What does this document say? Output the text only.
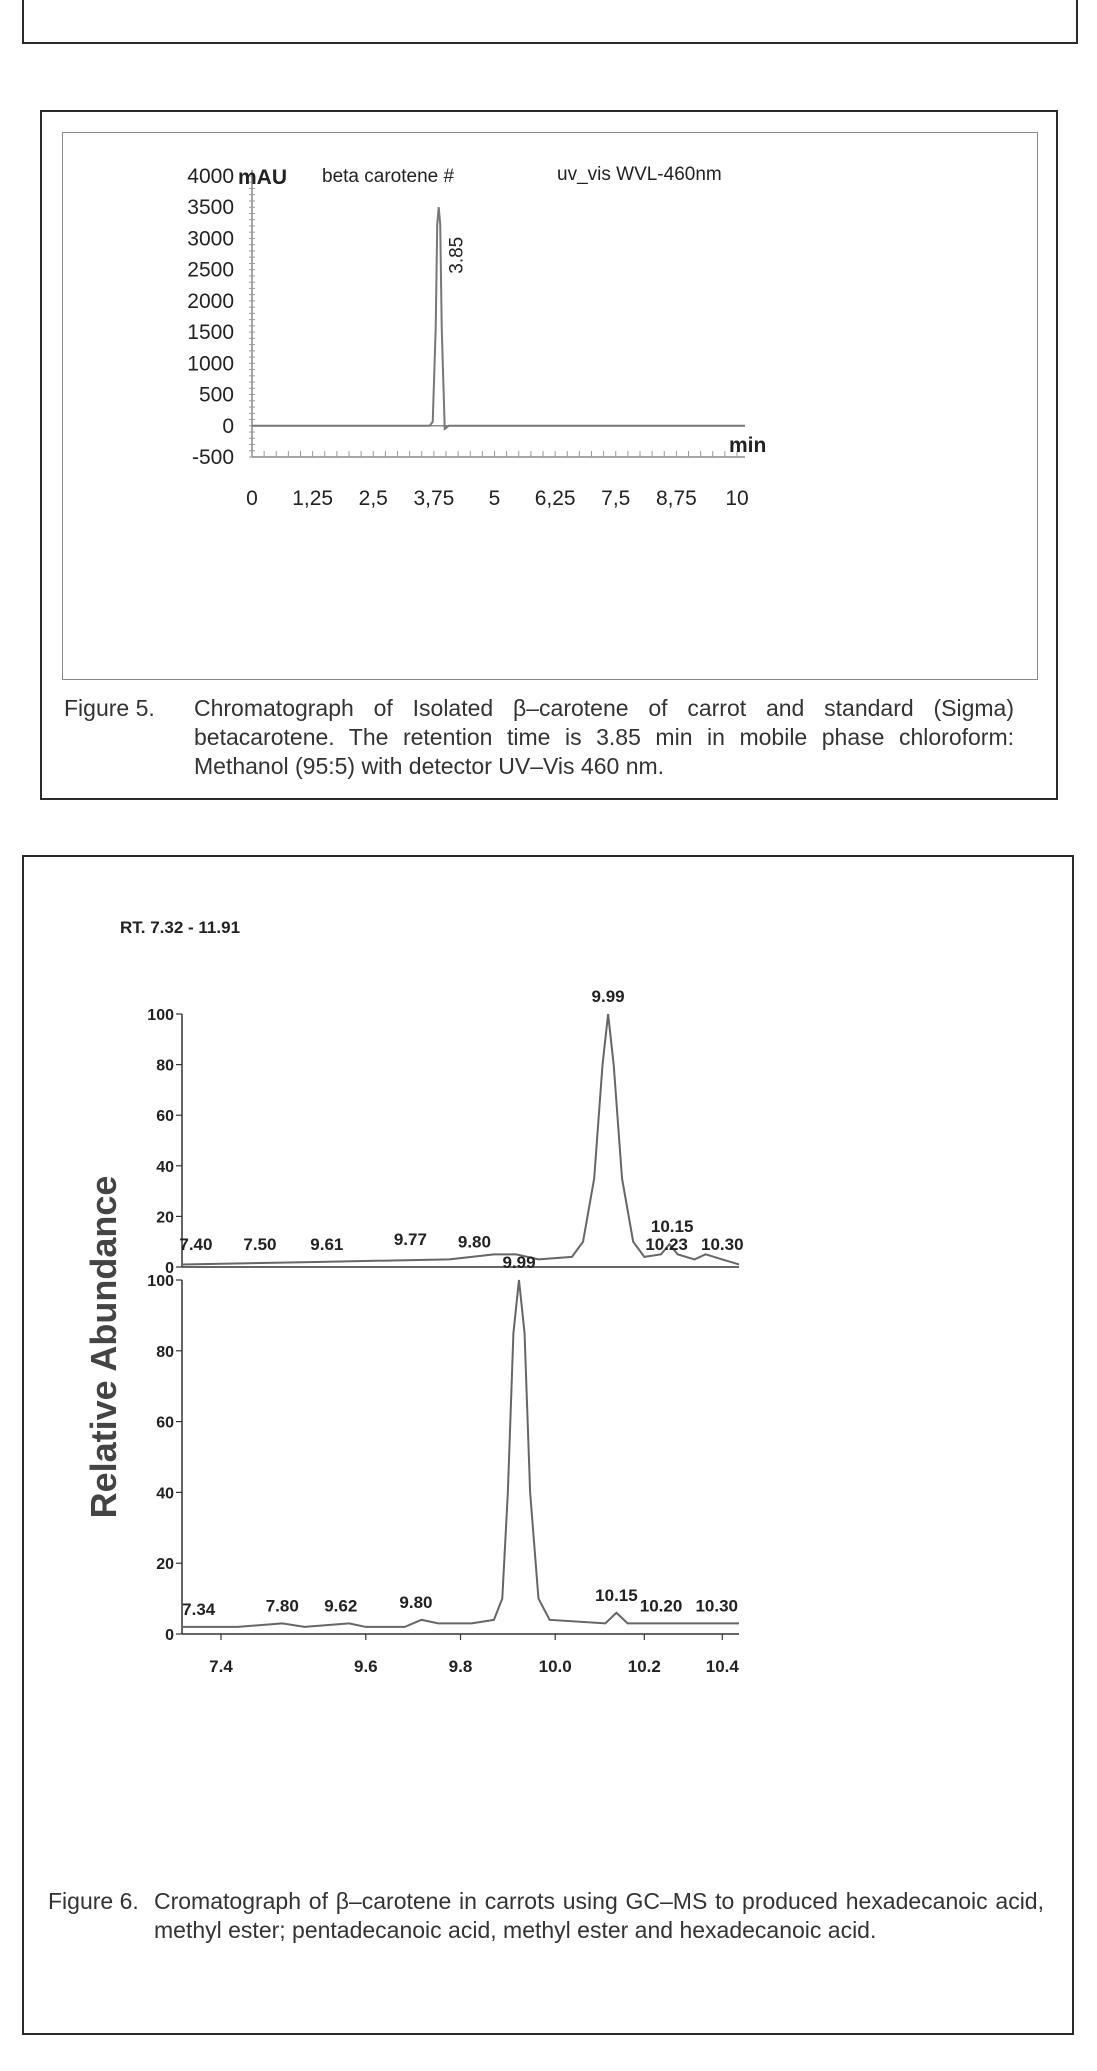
4000
3500
3000
2500
2000
1500
1000
500
0
-500
0 1,25 2,5 3,75 5 6,25 7,5 8,75 10
mAU
min
beta carotene #	uv_vis WVL-460nm
3.85
Figure 5. Chromatograph of Isolated β–carotene of carrot and standard (Sigma) betacarotene. The retention time is 3.85 min in mobile phase chloroform: Methanol (95:5) with detector UV–Vis 460 nm.
RT. 7.32 - 11.91
Relative Abundance
100
80
60
40
20
0
9.99
10.15
7.40 7.50 9.61	9.77 9.80	10.30
10.23
100
80
60
40
20
0
9.99
7.34	7.80 9.62 9.80	10.15
10.20 10.30
7.4	9.6	9.8	10.0	10.2	10.4
Figure 6. Cromatograph of β–carotene in carrots using GC–MS to produced hexadecanoic acid, methyl ester; pentadecanoic acid, methyl ester and hexadecanoic acid.
